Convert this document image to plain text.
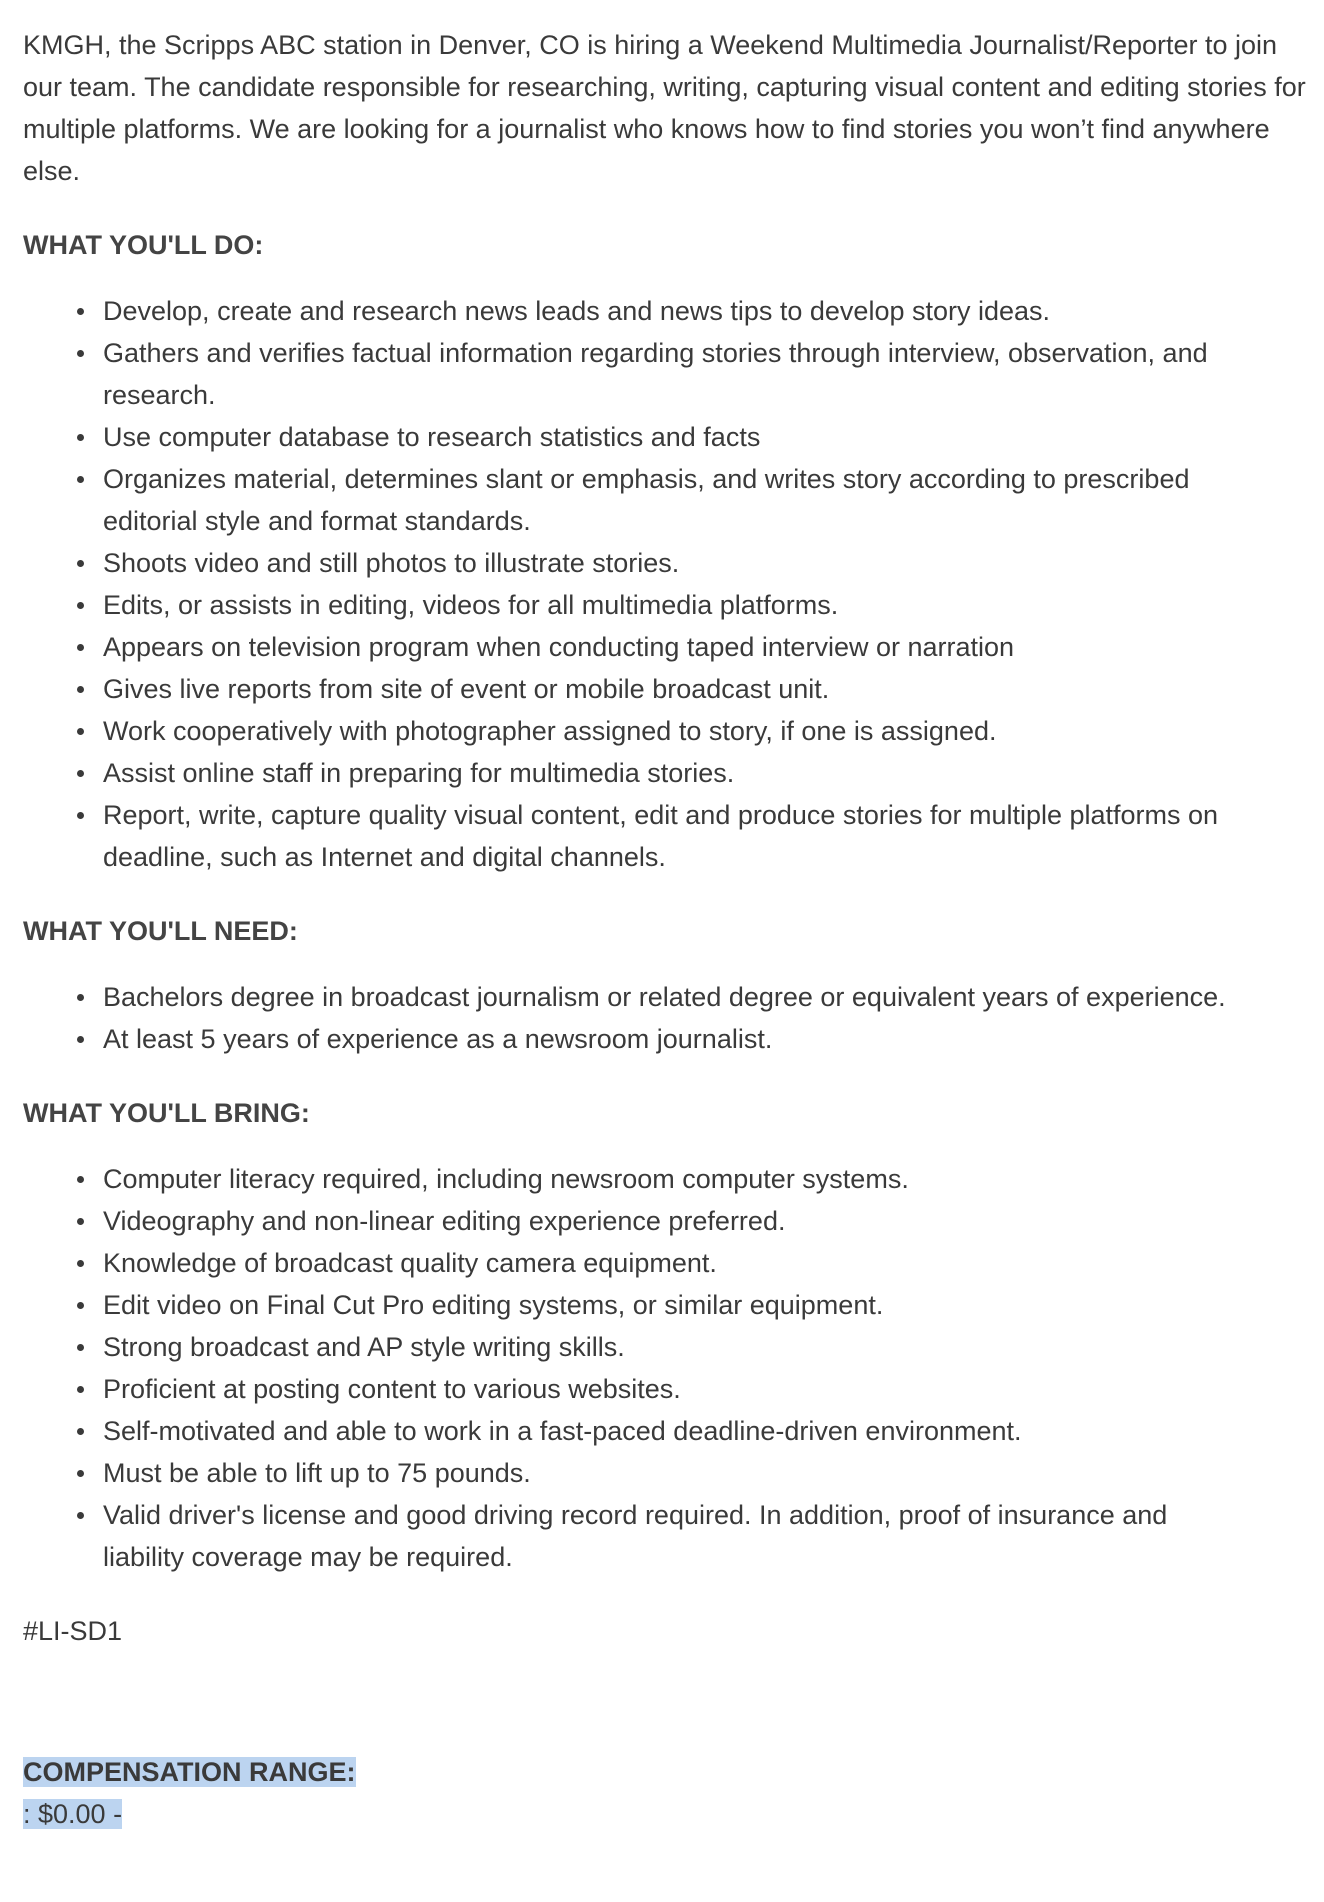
KMGH, the Scripps ABC station in Denver, CO is hiring a Weekend Multimedia Journalist/Reporter to join our team. The candidate responsible for researching, writing, capturing visual content and editing stories for multiple platforms. We are looking for a journalist who knows how to find stories you won’t find anywhere else.

WHAT YOU'LL DO:

Develop, create and research news leads and news tips to develop story ideas.
Gathers and verifies factual information regarding stories through interview, observation, and research.
Use computer database to research statistics and facts
Organizes material, determines slant or emphasis, and writes story according to prescribed editorial style and format standards.
Shoots video and still photos to illustrate stories.
Edits, or assists in editing, videos for all multimedia platforms.
Appears on television program when conducting taped interview or narration
Gives live reports from site of event or mobile broadcast unit.
Work cooperatively with photographer assigned to story, if one is assigned.
Assist online staff in preparing for multimedia stories.
Report, write, capture quality visual content, edit and produce stories for multiple platforms on deadline, such as Internet and digital channels.

WHAT YOU'LL NEED:

Bachelors degree in broadcast journalism or related degree or equivalent years of experience.
At least 5 years of experience as a newsroom journalist.

WHAT YOU'LL BRING:

Computer literacy required, including newsroom computer systems.
Videography and non-linear editing experience preferred.
Knowledge of broadcast quality camera equipment.
Edit video on Final Cut Pro editing systems, or similar equipment.
Strong broadcast and AP style writing skills.
Proficient at posting content to various websites.
Self-motivated and able to work in a fast-paced deadline-driven environment.
Must be able to lift up to 75 pounds.
Valid driver's license and good driving record required. In addition, proof of insurance and liability coverage may be required.

#LI-SD1

COMPENSATION RANGE:
: $0.00 -
